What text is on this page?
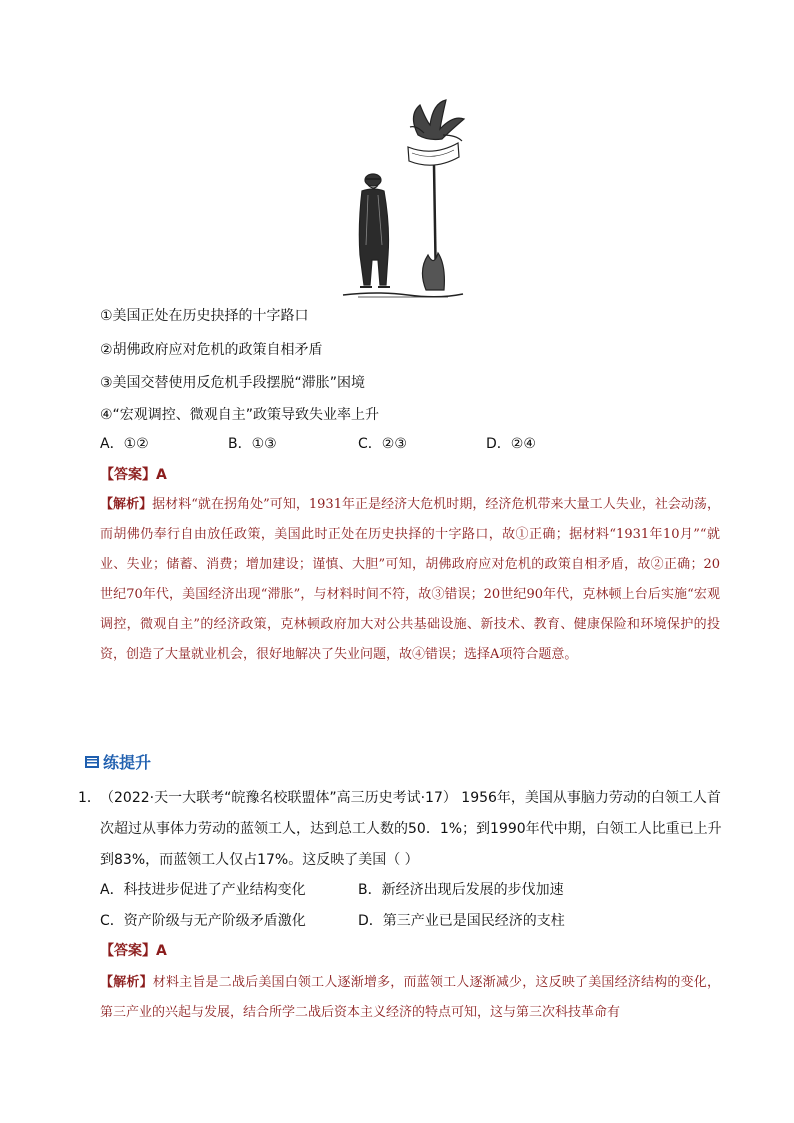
①美国正处在历史抉择的十字路口
②胡佛政府应对危机的政策自相矛盾
③美国交替使用反危机手段摆脱“滞胀”困境
④“宏观调控、微观自主”政策导致失业率上升
A．①②	B．①③	C．②③	D．②④
【答案】A
【解析】据材料“就在拐角处”可知，1931年正是经济大危机时期，经济危机带来大量工人失业，社会动荡，而胡佛仍奉行自由放任政策，美国此时正处在历史抉择的十字路口，故①正确；据材料“1931年10月”“就业、失业；储蓄、消费；增加建设；谨慎、大胆”可知，胡佛政府应对危机的政策自相矛盾，故②正确；20世纪70年代，美国经济出现“滞胀”，与材料时间不符，故③错误；20世纪90年代，克林顿上台后实施“宏观调控，微观自主”的经济政策，克林顿政府加大对公共基础设施、新技术、教育、健康保险和环境保护的投资，创造了大量就业机会，很好地解决了失业问题，故④错误；选择A项符合题意。
练提升
1． （2022·天一大联考“皖豫名校联盟体”高三历史考试·17） 1956年，美国从事脑力劳动的白领工人首次超过从事体力劳动的蓝领工人，达到总工人数的50．1%；到1990年代中期，白领工人比重已上升到83%，而蓝领工人仅占17%。这反映了美国（ ）
A．科技进步促进了产业结构变化	B．新经济出现后发展的步伐加速
C．资产阶级与无产阶级矛盾激化	D．第三产业已是国民经济的支柱
【答案】A
【解析】材料主旨是二战后美国白领工人逐渐增多，而蓝领工人逐渐减少，这反映了美国经济结构的变化，第三产业的兴起与发展，结合所学二战后资本主义经济的特点可知，这与第三次科技革命有
